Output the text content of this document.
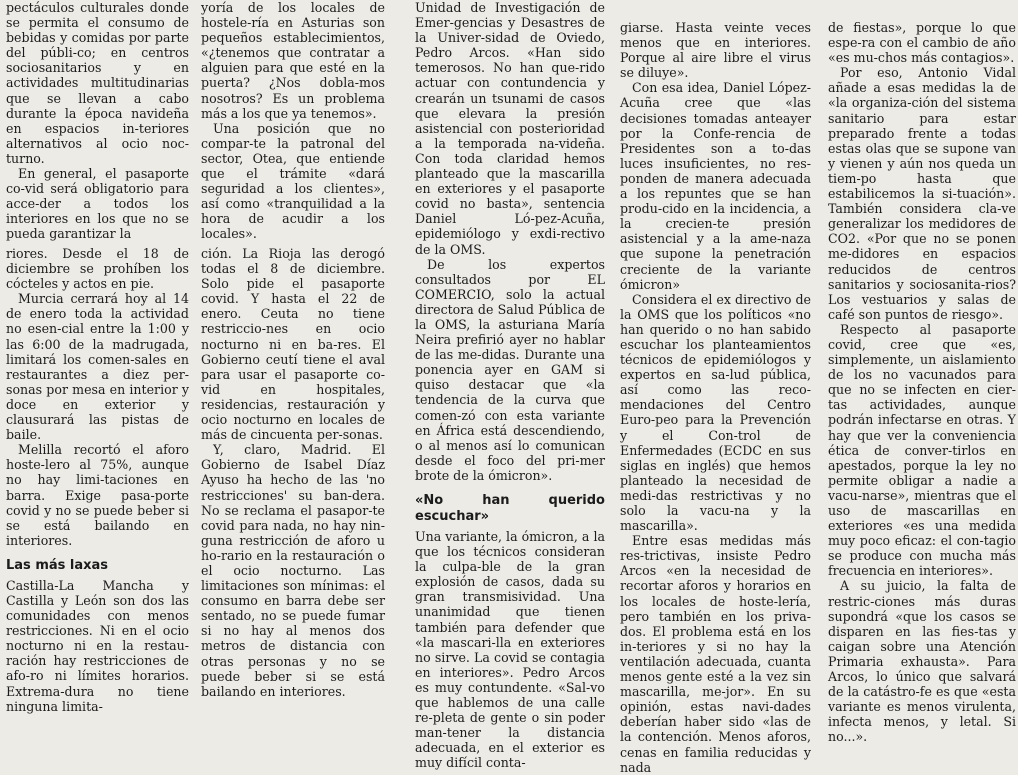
pectáculos culturales donde se permita el consumo de bebidas y comidas por parte del públi-co; en centros sociosanitarios y en actividades multitudinarias que se llevan a cabo durante la época navideña en espacios in-teriores alternativos al ocio noc-turno.

En general, el pasaporte co-vid será obligatorio para acce-der a todos los interiores en los que no se pueda garantizar la

yoría de los locales de hostele-ría en Asturias son pequeños establecimientos, «¿tenemos que contratar a alguien para que esté en la puerta? ¿Nos dobla-mos nosotros? Es un problema más a los que ya tenemos».

Una posición que no compar-te la patronal del sector, Otea, que entiende que el trámite «dará seguridad a los clientes», así como «tranquilidad a la hora de acudir a los locales».

riores. Desde el 18 de diciembre se prohíben los cócteles y actos en pie.

Murcia cerrará hoy al 14 de enero toda la actividad no esen-cial entre la 1:00 y las 6:00 de la madrugada, limitará los comen-sales en restaurantes a diez per-sonas por mesa en interior y doce en exterior y clausurará las pistas de baile.

Melilla recortó el aforo hoste-lero al 75%, aunque no hay limi-taciones en barra. Exige pasa-porte covid y no se puede beber si se está bailando en interiores.

Las más laxas

Castilla-La Mancha y Castilla y León son dos las comunidades con menos restricciones. Ni en el ocio nocturno ni en la restau-ración hay restricciones de afo-ro ni límites horarios. Extrema-dura no tiene ninguna limita-

ción. La Rioja las derogó todas el 8 de diciembre. Solo pide el pasaporte covid. Y hasta el 22 de enero. Ceuta no tiene restriccio-nes en ocio nocturno ni en ba-res. El Gobierno ceutí tiene el aval para usar el pasaporte co-vid en hospitales, residencias, restauración y ocio nocturno en locales de más de cincuenta per-sonas.

Y, claro, Madrid. El Gobierno de Isabel Díaz Ayuso ha hecho de las 'no restricciones' su ban-dera. No se reclama el pasapor-te covid para nada, no hay nin-guna restricción de aforo u ho-rario en la restauración o el ocio nocturno. Las limitaciones son mínimas: el consumo en barra debe ser sentado, no se puede fumar si no hay al menos dos metros de distancia con otras personas y no se puede beber si se está bailando en interiores.

Unidad de Investigación de Emer-gencias y Desastres de la Univer-sidad de Oviedo, Pedro Arcos. «Han sido temerosos. No han que-rido actuar con contundencia y crearán un tsunami de casos que elevara la presión asistencial con posterioridad a la temporada na-videña. Con toda claridad hemos planteado que la mascarilla en exteriores y el pasaporte covid no basta», sentencia Daniel Ló-pez-Acuña, epidemiólogo y exdi-rectivo de la OMS.

De los expertos consultados por EL COMERCIO, solo la actual directora de Salud Pública de la OMS, la asturiana María Neira prefirió ayer no hablar de las me-didas. Durante una ponencia ayer en GAM si quiso destacar que «la tendencia de la curva que comen-zó con esta variante en África está descendiendo, o al menos así lo comunican desde el foco del pri-mer brote de la ómicron».

«No han querido escuchar»

Una variante, la ómicron, a la que los técnicos consideran la culpa-ble de la gran explosión de casos, dada su gran transmisividad. Una unanimidad que tienen también para defender que «la mascari-lla en exteriores no sirve. La covid se contagia en interiores». Pedro Arcos es muy contundente. «Sal-vo que hablemos de una calle re-pleta de gente o sin poder man-tener la distancia adecuada, en el exterior es muy difícil conta-

giarse. Hasta veinte veces menos que en interiores. Porque al aire libre el virus se diluye».

Con esa idea, Daniel López-Acuña cree que «las decisiones tomadas anteayer por la Confe-rencia de Presidentes son a to-das luces insuficientes, no res-ponden de manera adecuada a los repuntes que se han produ-cido en la incidencia, a la crecien-te presión asistencial y a la ame-naza que supone la penetración creciente de la variante ómicron»

Considera el ex directivo de la OMS que los políticos «no han querido o no han sabido escuchar los planteamientos técnicos de epidemiólogos y expertos en sa-lud pública, así como las reco-mendaciones del Centro Euro-peo para la Prevención y el Con-trol de Enfermedades (ECDC en sus siglas en inglés) que hemos planteado la necesidad de medi-das restrictivas y no solo la vacu-na y la mascarilla».

Entre esas medidas más res-trictivas, insiste Pedro Arcos «en la necesidad de recortar aforos y horarios en los locales de hoste-lería, pero también en los priva-dos. El problema está en los in-teriores y si no hay la ventilación adecuada, cuanta menos gente esté a la vez sin mascarilla, me-jor». En su opinión, estas navi-dades deberían haber sido «las de la contención. Menos aforos, cenas en familia reducidas y nada

de fiestas», porque lo que espe-ra con el cambio de año «es mu-chos más contagios».

Por eso, Antonio Vidal añade a esas medidas la de «la organiza-ción del sistema sanitario para estar preparado frente a todas estas olas que se supone van y vienen y aún nos queda un tiem-po hasta que estabilicemos la si-tuación». También considera cla-ve generalizar los medidores de CO2. «Por que no se ponen me-didores en espacios reducidos de centros sanitarios y sociosanita-rios? Los vestuarios y salas de café son puntos de riesgo».

Respecto al pasaporte covid, cree que «es, simplemente, un aislamiento de los no vacunados para que no se infecten en cier-tas actividades, aunque podrán infectarse en otras. Y hay que ver la conveniencia ética de conver-tirlos en apestados, porque la ley no permite obligar a nadie a vacu-narse», mientras que el uso de mascarillas en exteriores «es una medida muy poco eficaz: el con-tagio se produce con mucha más frecuencia en interiores».

A su juicio, la falta de restric-ciones más duras supondrá «que los casos se disparen en las fies-tas y caigan sobre una Atención Primaria exhausta». Para Arcos, lo único que salvará de la catástro-fe es que «esta variante es menos virulenta, infecta menos, y letal. Si no...».
